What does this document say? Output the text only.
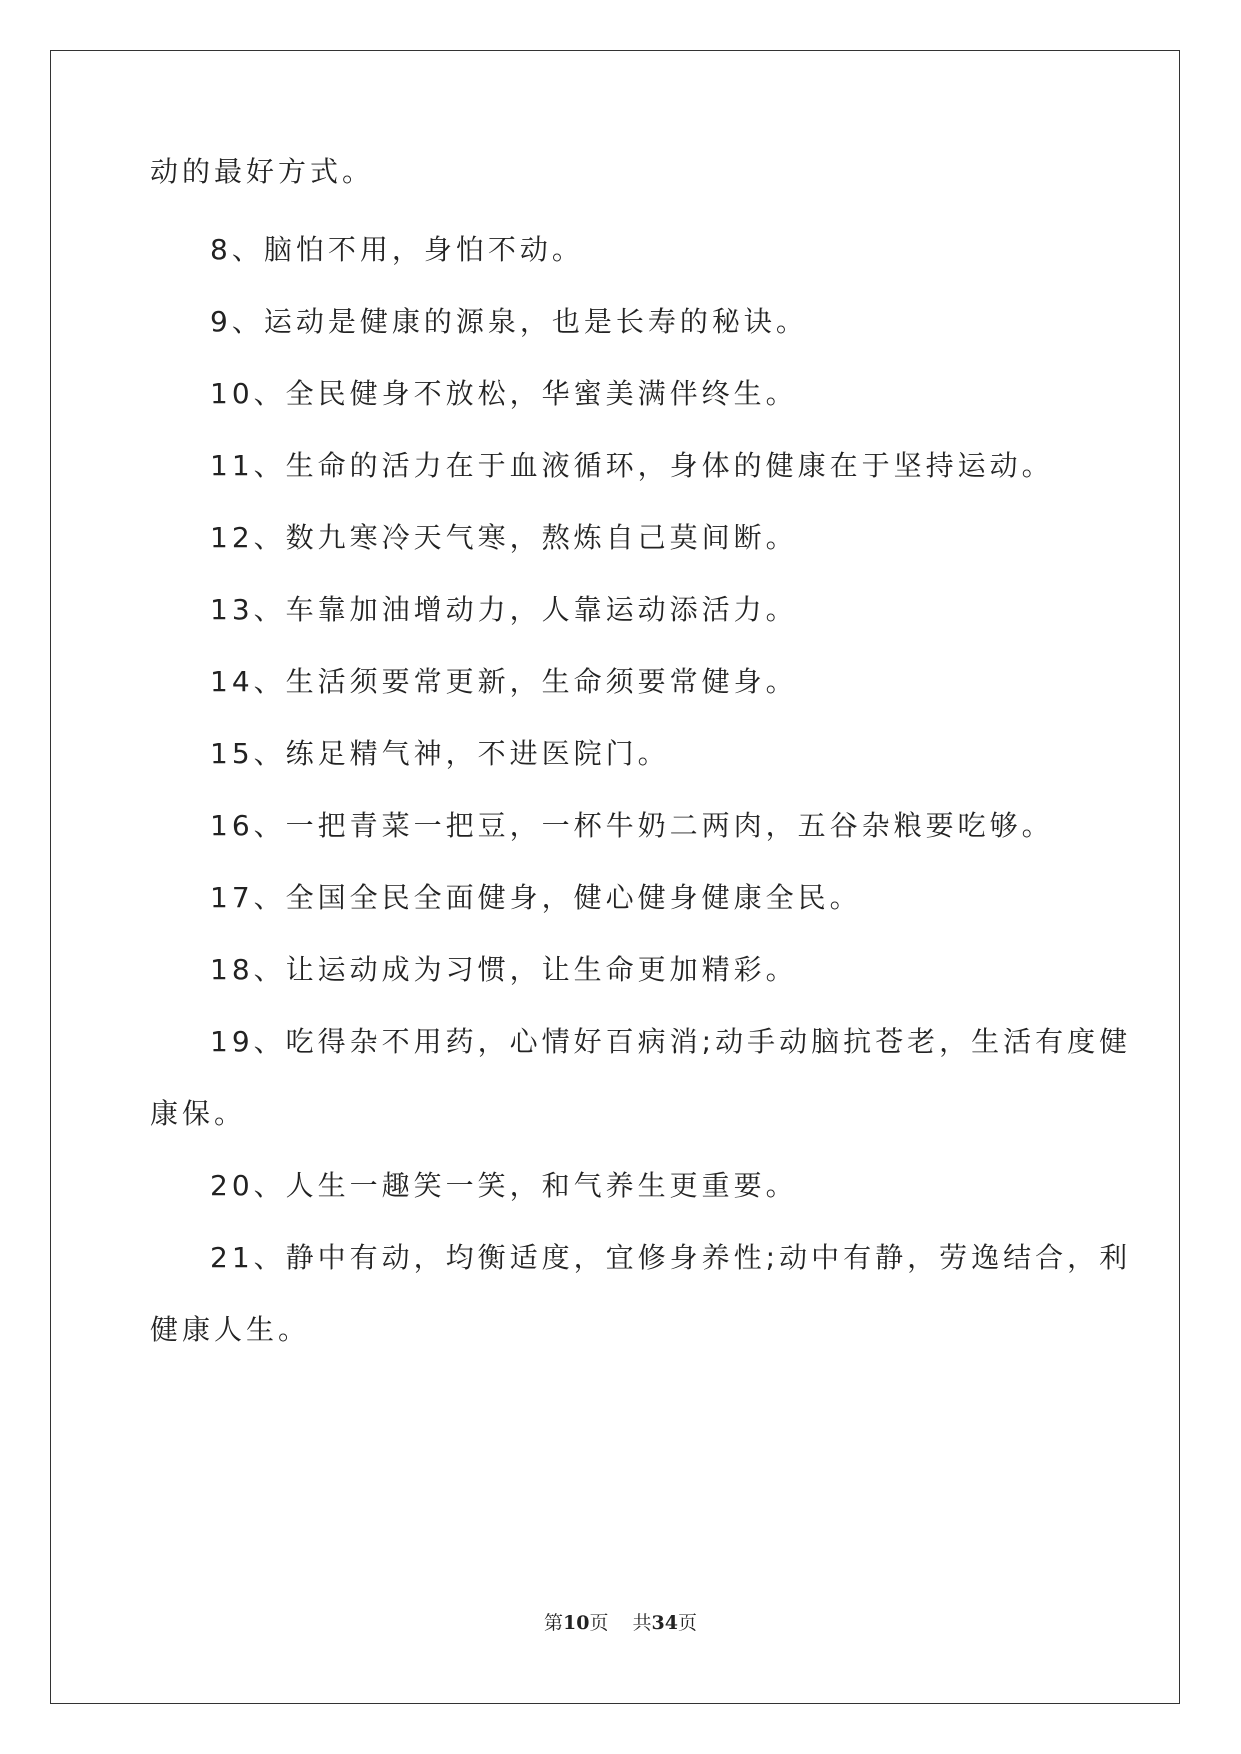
动的最好方式。
8、脑怕不用，身怕不动。
9、运动是健康的源泉，也是长寿的秘诀。
10、全民健身不放松，华蜜美满伴终生。
11、生命的活力在于血液循环，身体的健康在于坚持运动。
12、数九寒冷天气寒，熬炼自己莫间断。
13、车靠加油增动力，人靠运动添活力。
14、生活须要常更新，生命须要常健身。
15、练足精气神，不进医院门。
16、一把青菜一把豆，一杯牛奶二两肉，五谷杂粮要吃够。
17、全国全民全面健身，健心健身健康全民。
18、让运动成为习惯，让生命更加精彩。
19、吃得杂不用药，心情好百病消;动手动脑抗苍老，生活有度健
康保。
20、人生一趣笑一笑，和气养生更重要。
21、静中有动，均衡适度，宜修身养性;动中有静，劳逸结合，利
健康人生。
第10页 共34页
